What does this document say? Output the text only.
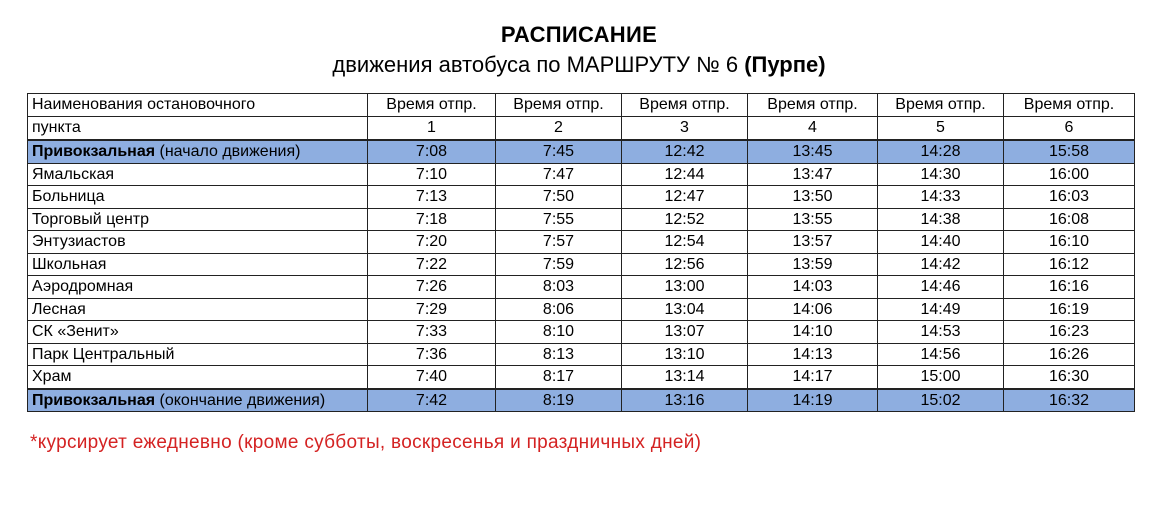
РАСПИСАНИЕ
движения автобуса по МАРШРУТУ № 6 (Пурпе)
Наименования остановочного	Время отпр.	Время отпр.	Время отпр.	Время отпр.	Время отпр.	Время отпр.
пункта	1	2	3	4	5	6
Привокзальная (начало движения)	7:08	7:45	12:42	13:45	14:28	15:58
Ямальская	7:10	7:47	12:44	13:47	14:30	16:00
Больница	7:13	7:50	12:47	13:50	14:33	16:03
Торговый центр	7:18	7:55	12:52	13:55	14:38	16:08
Энтузиастов	7:20	7:57	12:54	13:57	14:40	16:10
Школьная	7:22	7:59	12:56	13:59	14:42	16:12
Аэродромная	7:26	8:03	13:00	14:03	14:46	16:16
Лесная	7:29	8:06	13:04	14:06	14:49	16:19
СК «Зенит»	7:33	8:10	13:07	14:10	14:53	16:23
Парк Центральный	7:36	8:13	13:10	14:13	14:56	16:26
Храм	7:40	8:17	13:14	14:17	15:00	16:30
Привокзальная (окончание движения)	7:42	8:19	13:16	14:19	15:02	16:32
*курсирует ежедневно (кроме субботы, воскресенья и праздничных дней)
